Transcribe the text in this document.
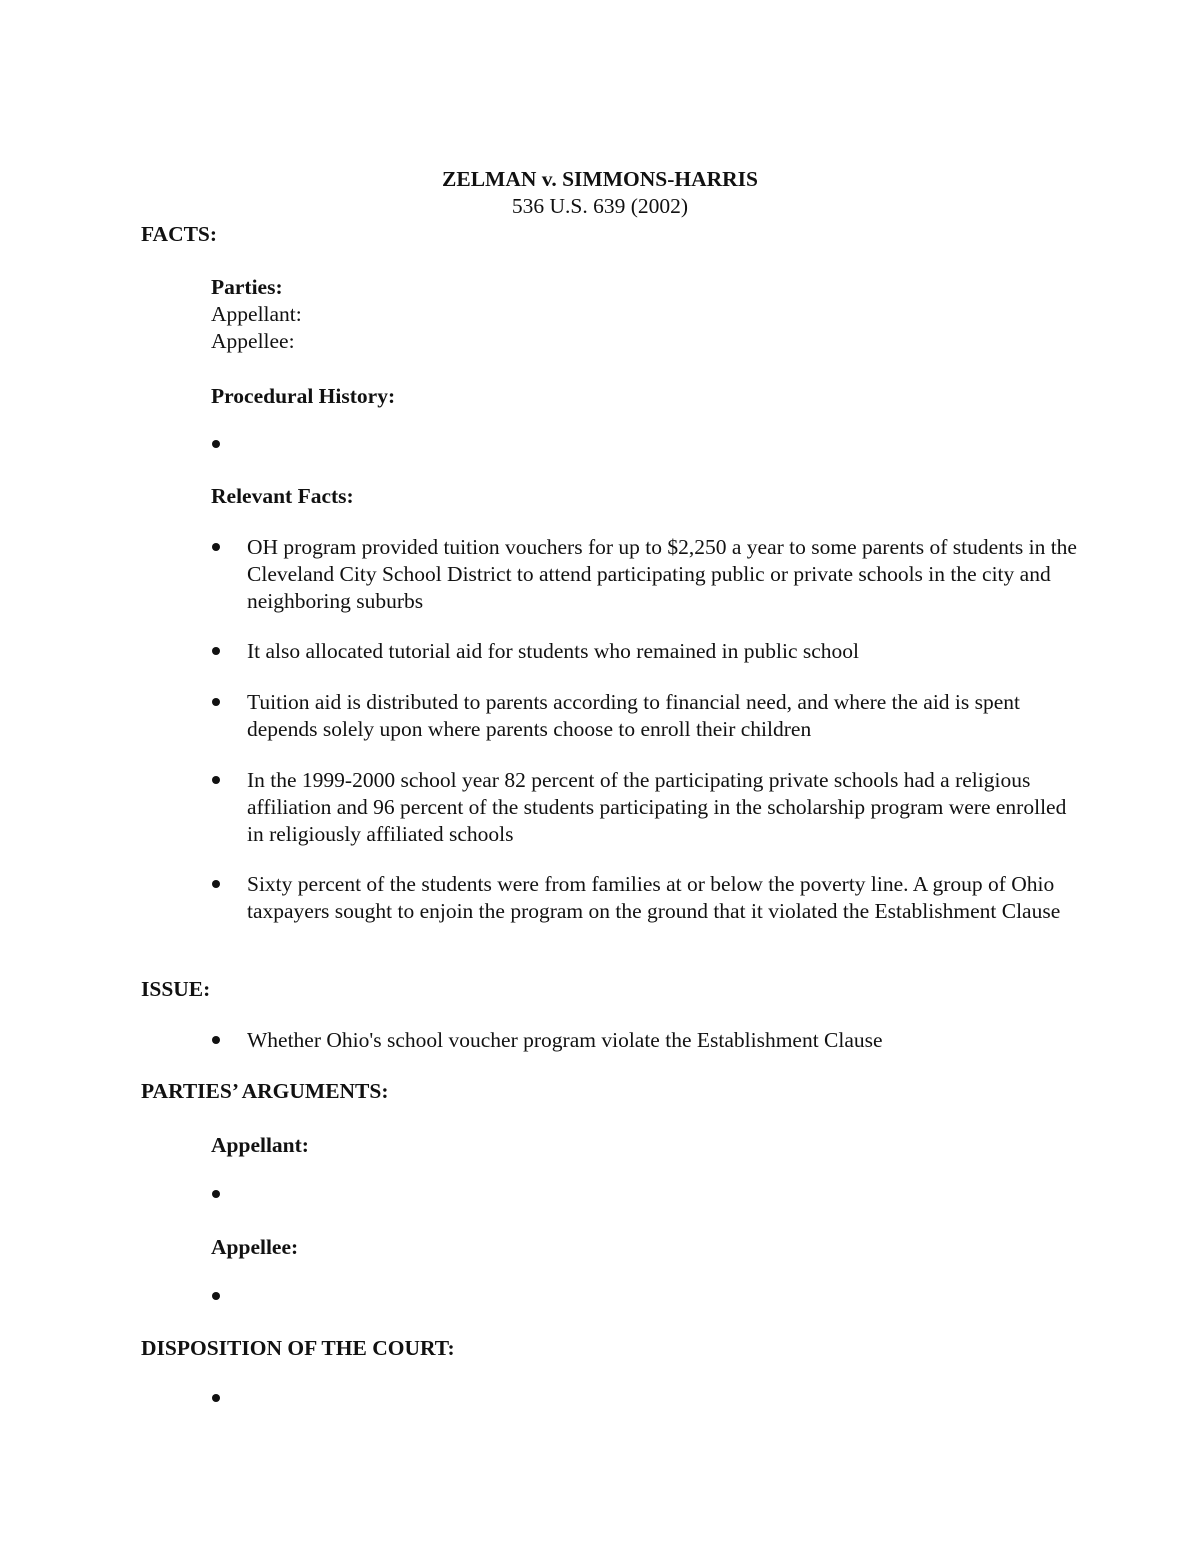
ZELMAN v. SIMMONS-HARRIS
536 U.S. 639 (2002)
FACTS:
Parties:
Appellant:
Appellee:
Procedural History:
Relevant Facts:
OH program provided tuition vouchers for up to $2,250 a year to some parents of students in the Cleveland City School District to attend participating public or private schools in the city and neighboring suburbs
It also allocated tutorial aid for students who remained in public school
Tuition aid is distributed to parents according to financial need, and where the aid is spent depends solely upon where parents choose to enroll their children
In the 1999-2000 school year 82 percent of the participating private schools had a religious affiliation and 96 percent of the students participating in the scholarship program were enrolled in religiously affiliated schools
Sixty percent of the students were from families at or below the poverty line. A group of Ohio taxpayers sought to enjoin the program on the ground that it violated the Establishment Clause
ISSUE:
Whether Ohio's school voucher program violate the Establishment Clause
PARTIES’ ARGUMENTS:
Appellant:
Appellee:
DISPOSITION OF THE COURT:
